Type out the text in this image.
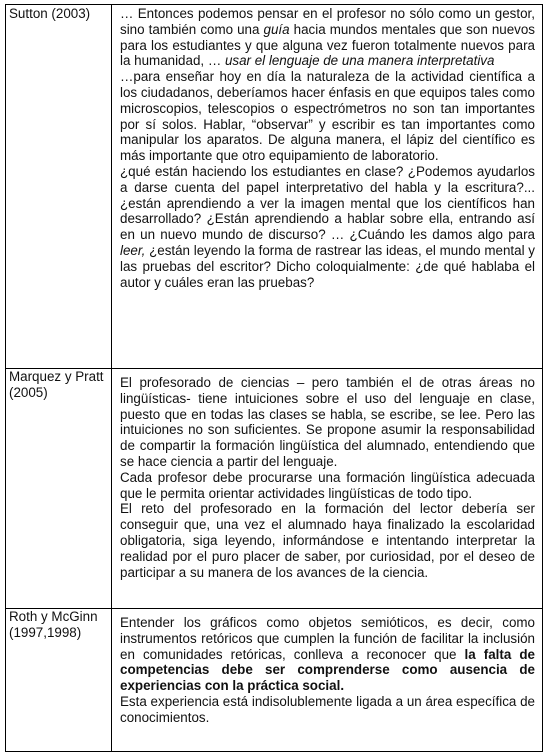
Sutton (2003)	… Entonces podemos pensar en el profesor no sólo como un gestor, sino también como una guía hacia mundos mentales que son nuevos para los estudiantes y que alguna vez fueron totalmente nuevos para la humanidad, … usar el lenguaje de una manera interpretativa

…para enseñar hoy en día la naturaleza de la actividad científica a los ciudadanos, deberíamos hacer énfasis en que equipos tales como microscopios, telescopios o espectrómetros no son tan importantes por sí solos. Hablar, “observar” y escribir es tan importantes como manipular los aparatos. De alguna manera, el lápiz del científico es más importante que otro equipamiento de laboratorio.

¿qué están haciendo los estudiantes en clase? ¿Podemos ayudarlos a darse cuenta del papel interpretativo del habla y la escritura?...¿están aprendiendo a ver la imagen mental que los científicos han desarrollado? ¿Están aprendiendo a hablar sobre ella, entrando así en un nuevo mundo de discurso? … ¿Cuándo les damos algo para leer, ¿están leyendo la forma de rastrear las ideas, el mundo mental y las pruebas del escritor? Dicho coloquialmente: ¿de qué hablaba el autor y cuáles eran las pruebas?

Marquez y Pratt (2005)	El profesorado de ciencias – pero también el de otras áreas no lingüísticas- tiene intuiciones sobre el uso del lenguaje en clase, puesto que en todas las clases se habla, se escribe, se lee. Pero las intuiciones no son suficientes. Se propone asumir la responsabilidad de compartir la formación lingüística del alumnado, entendiendo que se hace ciencia a partir del lenguaje.

Cada profesor debe procurarse una formación lingüística adecuada que le permita orientar actividades lingüísticas de todo tipo.

El reto del profesorado en la formación del lector debería ser conseguir que, una vez el alumnado haya finalizado la escolaridad obligatoria, siga leyendo, informándose e intentando interpretar la realidad por el puro placer de saber, por curiosidad, por el deseo de participar a su manera de los avances de la ciencia.

Roth y McGinn (1997,1998)	Entender los gráficos como objetos semióticos, es decir, como instrumentos retóricos que cumplen la función de facilitar la inclusión en comunidades retóricas, conlleva a reconocer que la falta de competencias debe ser comprenderse como ausencia de experiencias con la práctica social.

Esta experiencia está indisolublemente ligada a un área específica de conocimientos.
